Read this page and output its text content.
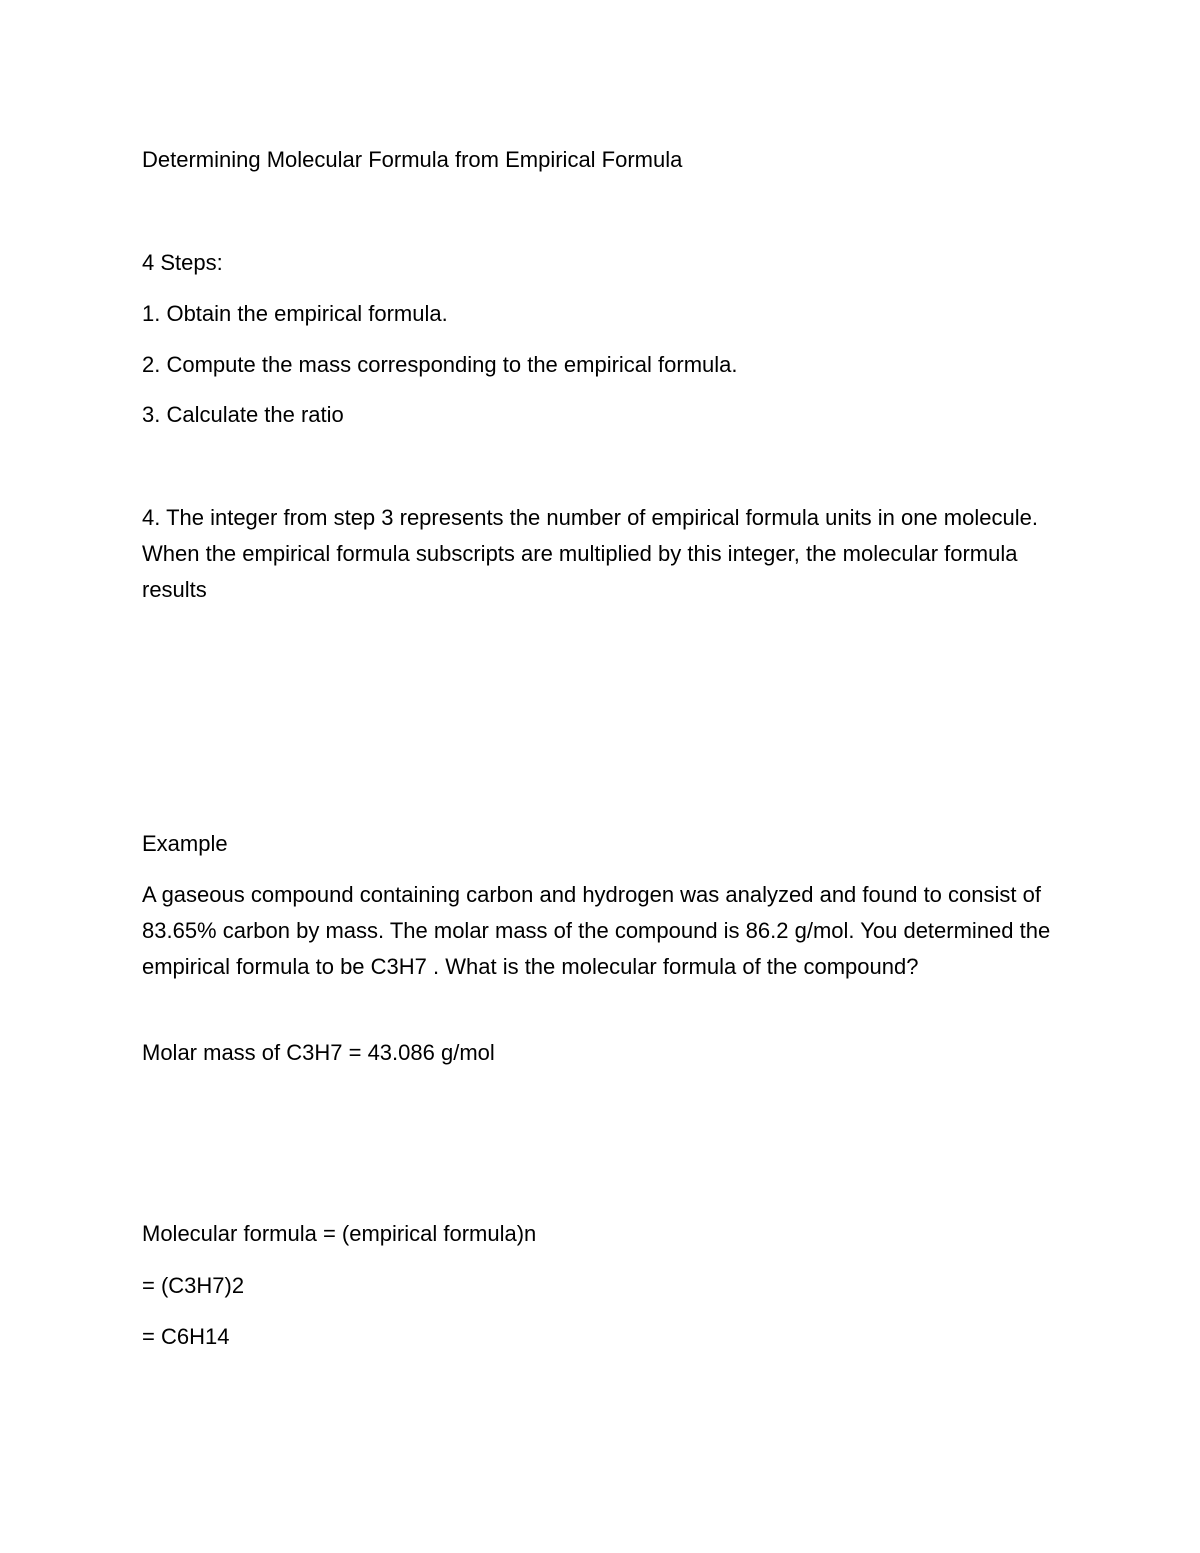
Determining Molecular Formula from Empirical Formula

4 Steps:

1. Obtain the empirical formula.

2. Compute the mass corresponding to the empirical formula.

3. Calculate the ratio

4. The integer from step 3 represents the number of empirical formula units in one molecule. When the empirical formula subscripts are multiplied by this integer, the molecular formula results

Example

A gaseous compound containing carbon and hydrogen was analyzed and found to consist of 83.65% carbon by mass. The molar mass of the compound is 86.2 g/mol. You determined the empirical formula to be C3H7 . What is the molecular formula of the compound?

Molar mass of C3H7 = 43.086 g/mol

Molecular formula = (empirical formula)n

= (C3H7)2

= C6H14
